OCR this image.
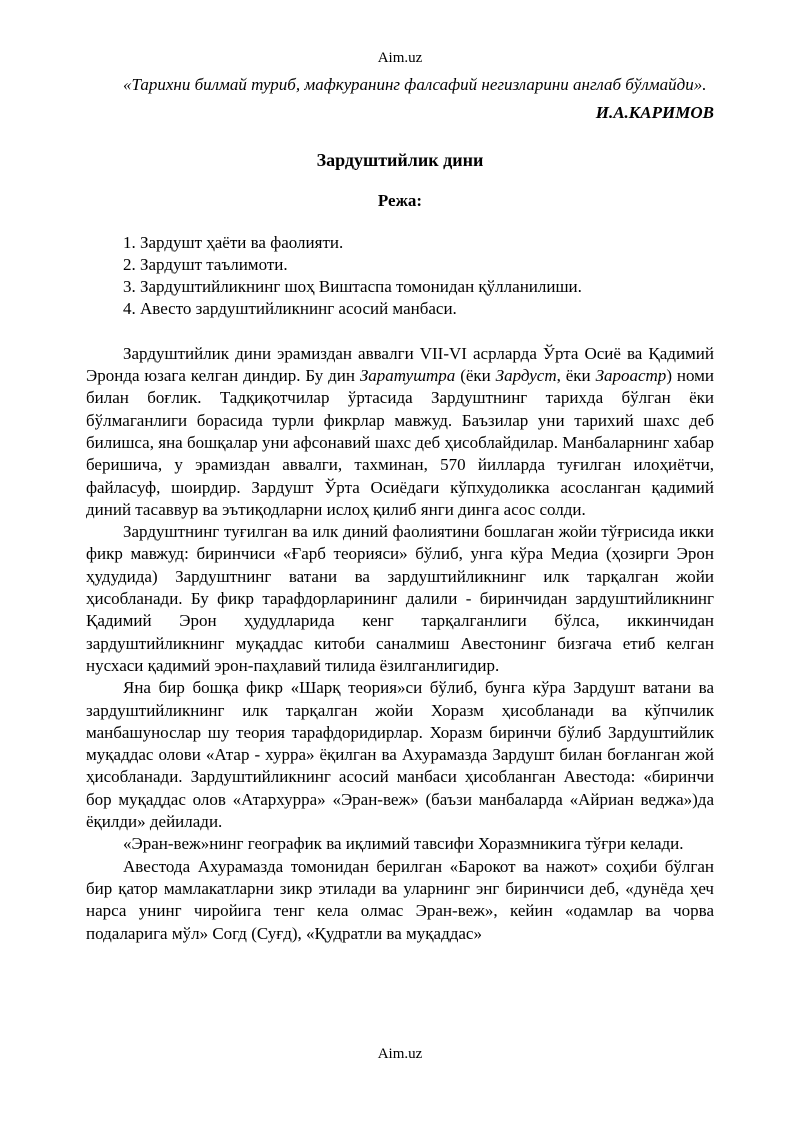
Aim.uz

«Тарихни билмай туриб, мафкуранинг фалсафий негизларини англаб бўлмайди».

И.А.КАРИМОВ

Зардуштийлик дини
Режа:
1. Зардушт ҳаёти ва фаолияти.
2. Зардушт таълимоти.
3. Зардуштийликнинг шоҳ Виштаспа томонидан қўлланилиши.
4. Авесто зардуштийликнинг асосий манбаси.

Зардуштийлик дини эрамиздан аввалги VII-VI асрларда Ўрта Осиё ва Қадимий Эронда юзага келган диндир. Бу дин Заратуштра (ёки Зардуст, ёки Зароастр) номи билан боғлик. Тадқиқотчилар ўртасида Зардуштнинг тарихда бўлган ёки бўлмаганлиги борасида турли фикрлар мавжуд. Баъзилар уни тарихий шахс деб билишса, яна бошқалар уни афсонавий шахс деб ҳисоблайдилар. Манбаларнинг хабар беришича, у эрамиздан аввалги, тахминан, 570 йилларда туғилган илоҳиётчи, файласуф, шоирдир. Зардушт Ўрта Осиёдаги кўпхудоликка асосланган қадимий диний тасаввур ва эътиқодларни ислоҳ қилиб янги динга асос солди.

Зардуштнинг туғилган ва илк диний фаолиятини бошлаган жойи тўғрисида икки фикр мавжуд: биринчиси «Ғарб теорияси» бўлиб, унга кўра Медиа (ҳозирги Эрон ҳудудида) Зардуштнинг ватани ва зардуштийликнинг илк тарқалган жойи ҳисобланади. Бу фикр тарафдорларининг далили - биринчидан зардуштийликнинг Қадимий Эрон ҳудудларида кенг тарқалганлиги бўлса, иккинчидан зардуштийликнинг муқаддас китоби саналмиш Авестонинг бизгача етиб келган нусхаси қадимий эрон-паҳлавий тилида ёзилганлигидир.

Яна бир бошқа фикр «Шарқ теория»си бўлиб, бунга кўра Зардушт ватани ва зардуштийликнинг илк тарқалган жойи Хоразм ҳисобланади ва кўпчилик манбашунослар шу теория тарафдоридирлар. Хоразм биринчи бўлиб Зардуштийлик муқаддас олови «Атар - хурра» ёқилган ва Ахурамазда Зардушт билан боғланган жой ҳисобланади. Зардуштийликнинг асосий манбаси ҳисобланган Авестода: «биринчи бор муқаддас олов «Атархурра» «Эран-веж» (баъзи манбаларда «Айриан веджа»)да ёқилди» дейилади.

«Эран-веж»нинг географик ва иқлимий тавсифи Хоразмникига тўғри келади.

Авестода Ахурамазда томонидан берилган «Барокот ва нажот» соҳиби бўлган бир қатор мамлакатларни зикр этилади ва уларнинг энг биринчиси деб, «дунёда ҳеч нарса унинг чиройига тенг кела олмас Эран-веж», кейин «одамлар ва чорва подаларига мўл» Согд (Суғд), «Қудратли ва муқаддас»

Aim.uz
